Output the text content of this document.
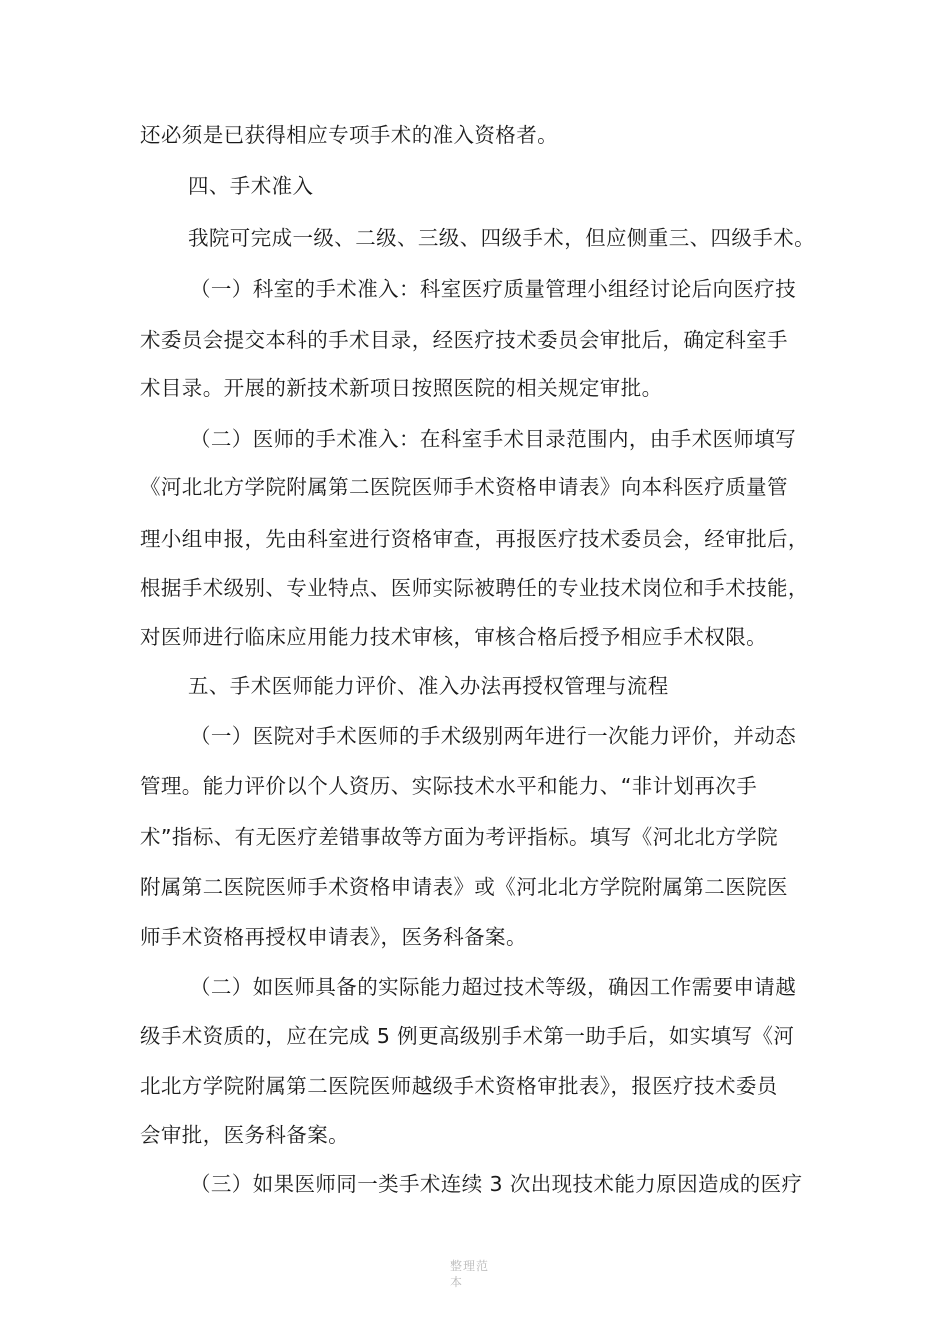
还必须是已获得相应专项手术的准入资格者。
四、手术准入
我院可完成一级、二级、三级、四级手术，但应侧重三、四级手术。
（一）科室的手术准入：科室医疗质量管理小组经讨论后向医疗技
术委员会提交本科的手术目录，经医疗技术委员会审批后，确定科室手
术目录。开展的新技术新项日按照医院的相关规定审批。
（二）医师的手术准入：在科室手术目录范围内，由手术医师填写
《河北北方学院附属第二医院医师手术资格申请表》向本科医疗质量管
理小组申报，先由科室进行资格审查，再报医疗技术委员会，经审批后，
根据手术级别、专业特点、医师实际被聘任的专业技术岗位和手术技能，
对医师进行临床应用能力技术审核，审核合格后授予相应手术权限。
五、手术医师能力评价、准入办法再授权管理与流程
（一）医院对手术医师的手术级别两年进行一次能力评价，并动态
管理。能力评价以个人资历、实际技术水平和能力、“非计划再次手
术”指标、有无医疗差错事故等方面为考评指标。填写《河北北方学院
附属第二医院医师手术资格申请表》或《河北北方学院附属第二医院医
师手术资格再授权申请表》，医务科备案。
（二）如医师具备的实际能力超过技术等级，确因工作需要申请越
级手术资质的，应在完成 5 例更高级别手术第一助手后，如实填写《河
北北方学院附属第二医院医师越级手术资格审批表》，报医疗技术委员
会审批，医务科备案。
（三）如果医师同一类手术连续 3 次出现技术能力原因造成的医疗
整理范
本
